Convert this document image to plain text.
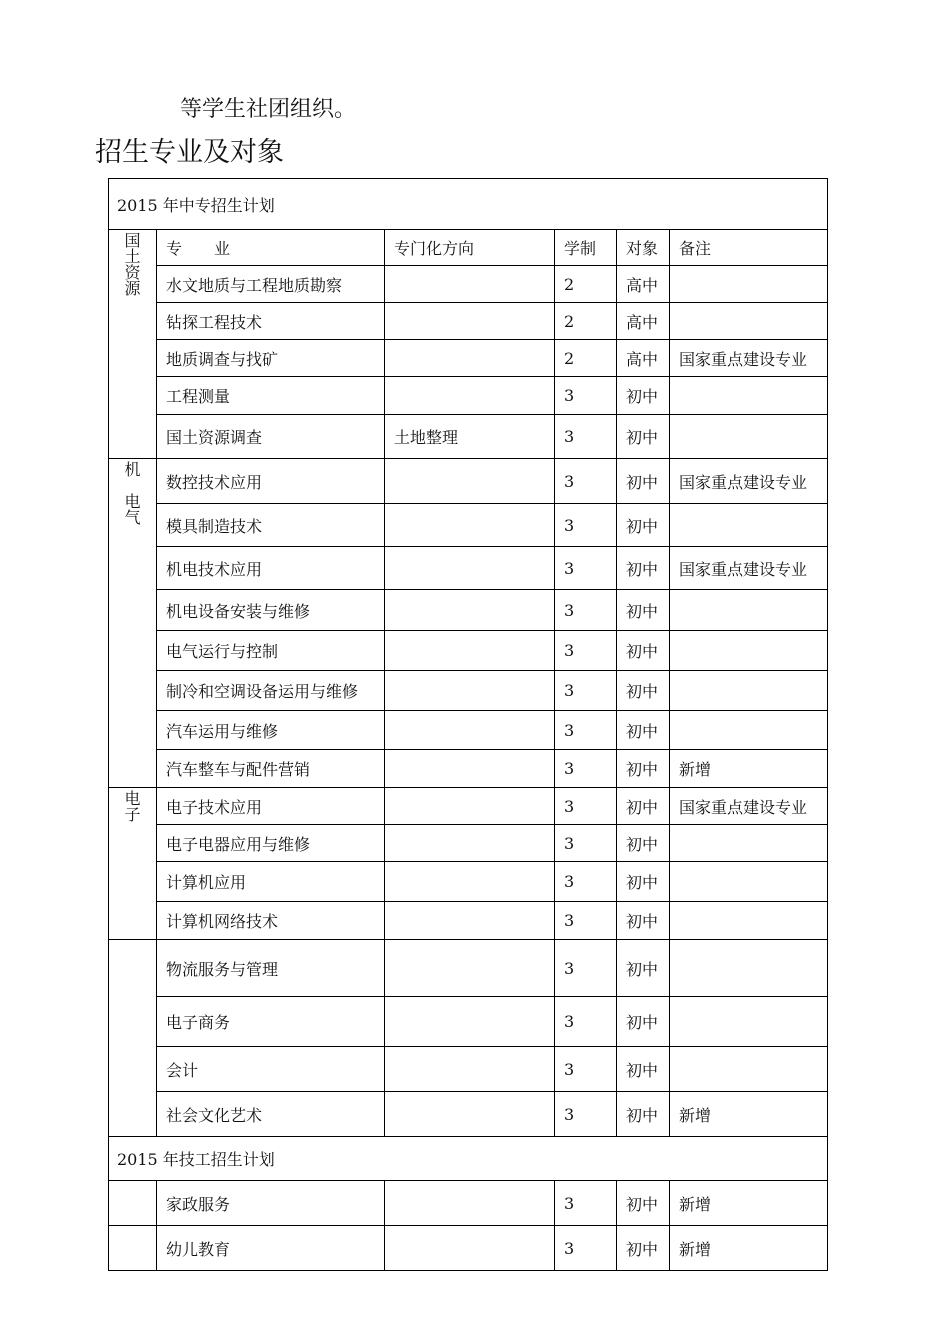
等学生社团组织。
招生专业及对象
2015 年中专招生计划					
国
土
资
源	专　　业	专门化方向	学制	对象	备注
	水文地质与工程地质勘察		2	高中	
	钻探工程技术		2	高中	
	地质调查与找矿		2	高中	国家重点建设专业
	工程测量		3	初中	
	国土资源调查	土地整理	3	初中	
机

电
气	数控技术应用		3	初中	国家重点建设专业
	模具制造技术		3	初中	
	机电技术应用		3	初中	国家重点建设专业
	机电设备安装与维修		3	初中	
	电气运行与控制		3	初中	
	制冷和空调设备运用与维修		3	初中	
	汽车运用与维修		3	初中	
	汽车整车与配件营销		3	初中	新增
电
子	电子技术应用		3	初中	国家重点建设专业
	电子电器应用与维修		3	初中	
	计算机应用		3	初中	
	计算机网络技术		3	初中	
	物流服务与管理		3	初中	
	电子商务		3	初中	
	会计		3	初中	
	社会文化艺术		3	初中	新增
2015 年技工招生计划					
	家政服务		3	初中	新增
	幼儿教育		3	初中	新增
